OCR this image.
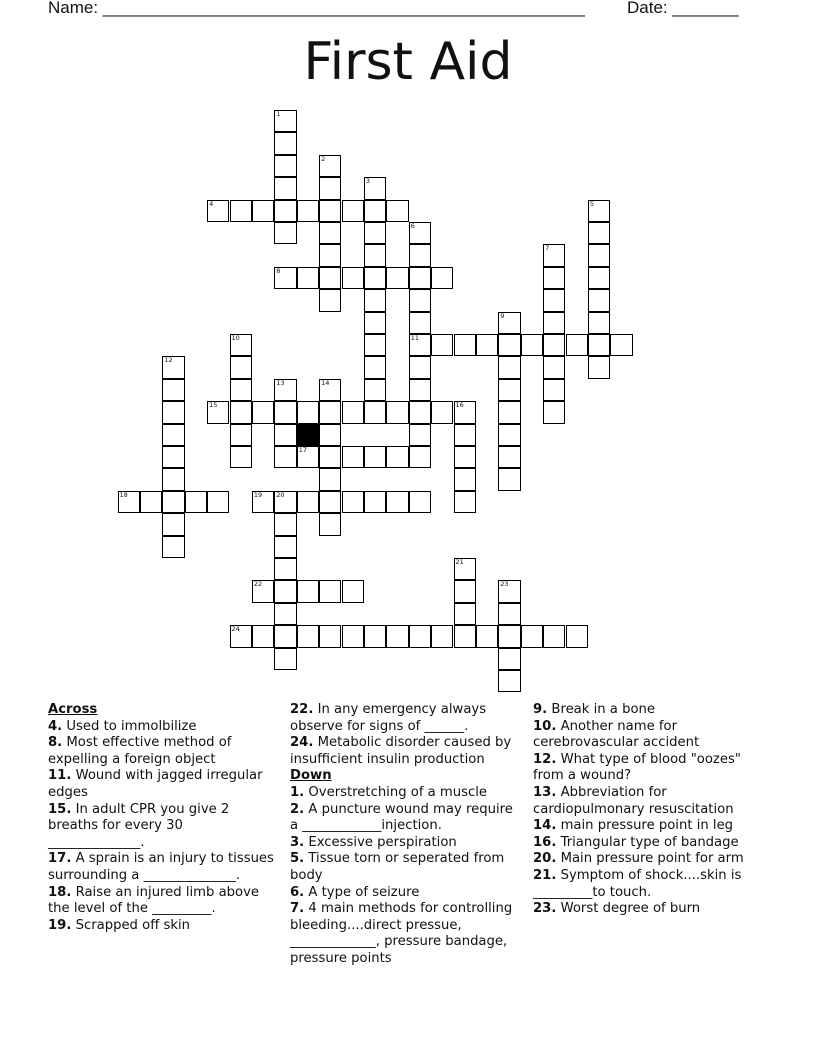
Name: ___________________________________________________ Date: _______
First Aid
1
2
3
4	5
6
11
7
8
9
10
12
13	14
15	16
17
18	19 20
21
22	23
24
Across
4. Used to immolbilize
8. Most effective method of expelling a foreign object
11. Wound with jagged irregular edges
15. In adult CPR you give 2 breaths for every 30 ______________.
17. A sprain is an injury to tissues surrounding a ______________.
18. Raise an injured limb above the level of the _________.
19. Scrapped off skin
22. In any emergency always observe for signs of ______.
24. Metabolic disorder caused by insufficient insulin production
Down
1. Overstretching of a muscle
2. A puncture wound may require a ____________injection.
3. Excessive perspiration
5. Tissue torn or seperated from body
6. A type of seizure
7. 4 main methods for controlling bleeding....direct pressue, _____________, pressure bandage, pressure points
9. Break in a bone
10. Another name for cerebrovascular accident
12. What type of blood "oozes" from a wound?
13. Abbreviation for cardiopulmonary resuscitation
14. main pressure point in leg
16. Triangular type of bandage
20. Main pressure point for arm
21. Symptom of shock....skin is _________to touch.
23. Worst degree of burn
